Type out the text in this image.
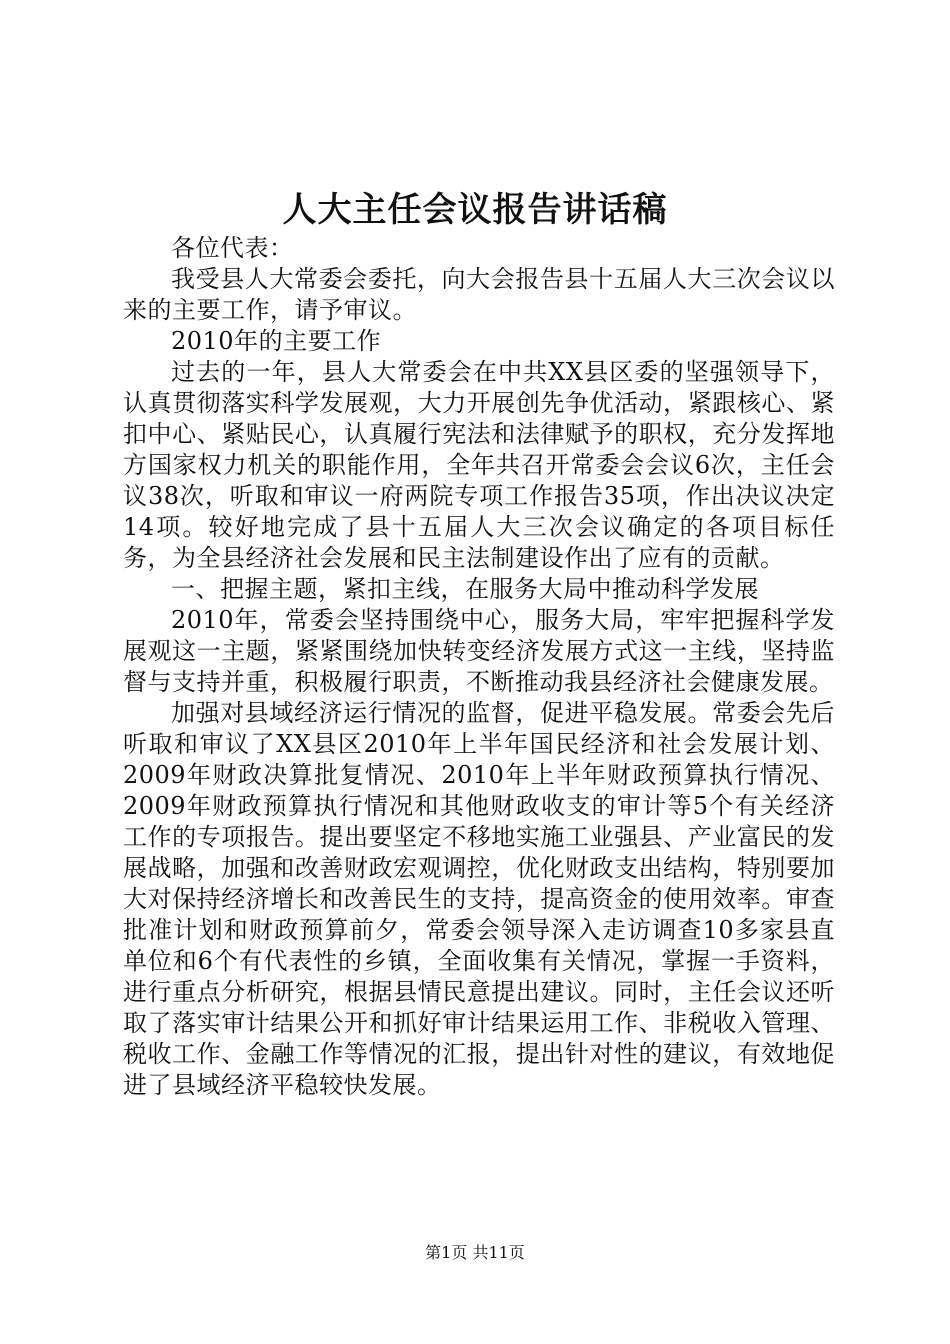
人大主任会议报告讲话稿

各位代表：

我受县人大常委会委托，向大会报告县十五届人大三次会议以来的主要工作，请予审议。

2010年的主要工作

过去的一年，县人大常委会在中共XX县区委的坚强领导下，认真贯彻落实科学发展观，大力开展创先争优活动，紧跟核心、紧扣中心、紧贴民心，认真履行宪法和法律赋予的职权，充分发挥地方国家权力机关的职能作用，全年共召开常委会会议6次，主任会议38次，听取和审议一府两院专项工作报告35项，作出决议决定14项。较好地完成了县十五届人大三次会议确定的各项目标任务，为全县经济社会发展和民主法制建设作出了应有的贡献。

一、把握主题，紧扣主线，在服务大局中推动科学发展

2010年，常委会坚持围绕中心，服务大局，牢牢把握科学发展观这一主题，紧紧围绕加快转变经济发展方式这一主线，坚持监督与支持并重，积极履行职责，不断推动我县经济社会健康发展。

加强对县域经济运行情况的监督，促进平稳发展。常委会先后听取和审议了XX县区2010年上半年国民经济和社会发展计划、2009年财政决算批复情况、2010年上半年财政预算执行情况、2009年财政预算执行情况和其他财政收支的审计等5个有关经济工作的专项报告。提出要坚定不移地实施工业强县、产业富民的发展战略，加强和改善财政宏观调控，优化财政支出结构，特别要加大对保持经济增长和改善民生的支持，提高资金的使用效率。审查批准计划和财政预算前夕，常委会领导深入走访调查10多家县直单位和6个有代表性的乡镇，全面收集有关情况，掌握一手资料，进行重点分析研究，根据县情民意提出建议。同时，主任会议还听取了落实审计结果公开和抓好审计结果运用工作、非税收入管理、税收工作、金融工作等情况的汇报，提出针对性的建议，有效地促进了县域经济平稳较快发展。

第1页 共11页
